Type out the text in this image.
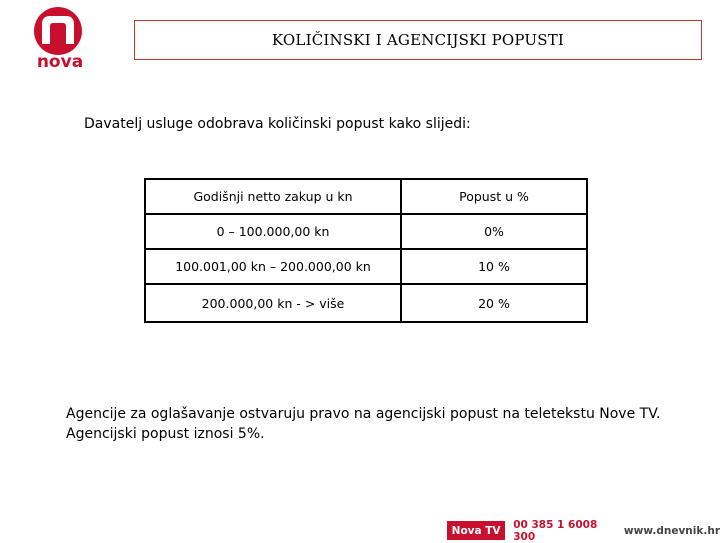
nova
KOLIČINSKI I AGENCIJSKI POPUSTI
Davatelj usluge odobrava količinski popust kako slijedi:
Godišnji netto zakup u kn	Popust u %
0 – 100.000,00 kn	0%
100.001,00 kn – 200.000,00 kn	10 %
200.000,00 kn - > više	20 %
Agencije za oglašavanje ostvaruju pravo na agencijski popust na teletekstu Nove TV.
Agencijski popust iznosi 5%.
Nova TV	00 385 1 6008 300	www.dnevnik.hr
